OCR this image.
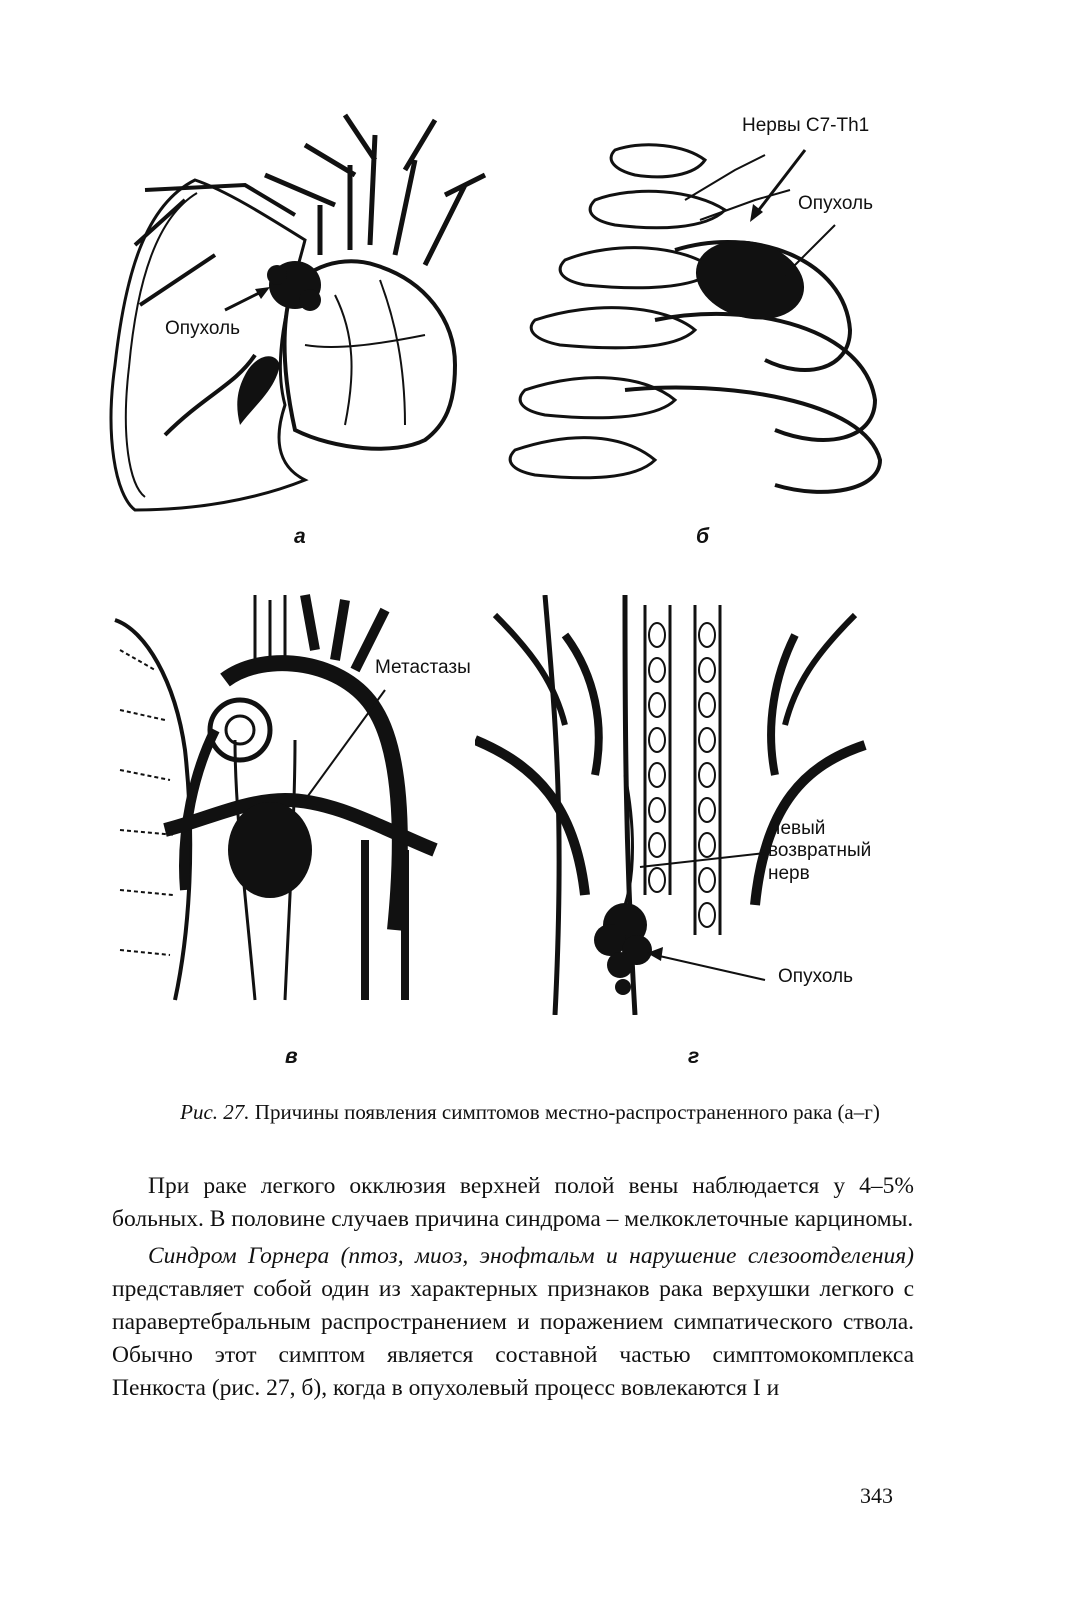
Опухоль
а
Нервы С7-Th1
Опухоль
б
Метастазы
в
Левый
возвратный
нерв
Опухоль
г
Рис. 27. Причины появления симптомов местно-распространенного рака (а–г)

При раке легкого окклюзия верхней полой вены наблюдается у 4–5% больных. В половине случаев причина синдрома – мелкоклеточные карциномы.

Синдром Горнера (птоз, миоз, энофтальм и нарушение слезоотделения) представляет собой один из характерных признаков рака верхушки легкого с паравертебральным распространением и поражением симпатического ствола. Обычно этот симптом является составной частью симптомокомплекса Пенкоста (рис. 27, б), когда в опухолевый процесс вовлекаются I и

343
